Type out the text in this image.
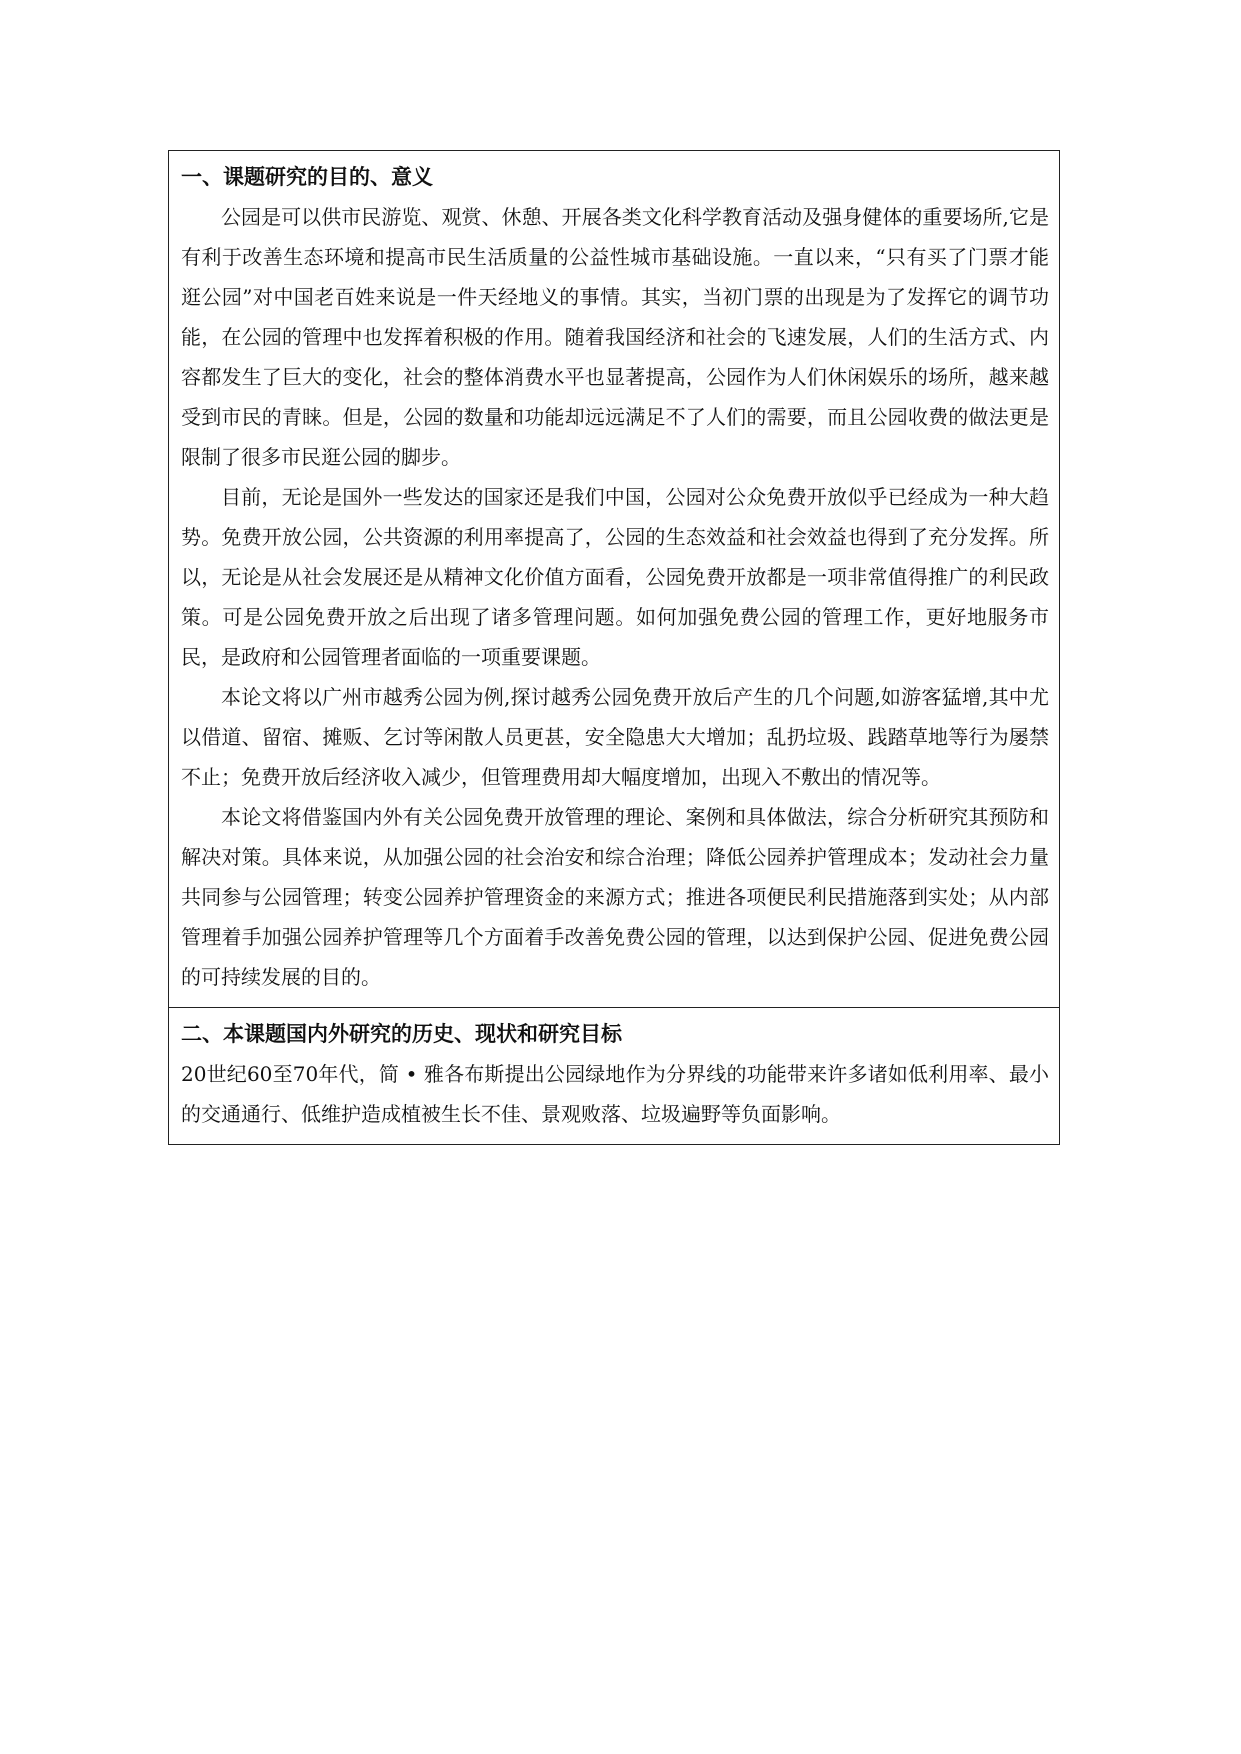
一、课题研究的目的、意义

公园是可以供市民游览、观赏、休憩、开展各类文化科学教育活动及强身健体的重要场所,它是有利于改善生态环境和提高市民生活质量的公益性城市基础设施。一直以来，“只有买了门票才能逛公园”对中国老百姓来说是一件天经地义的事情。其实，当初门票的出现是为了发挥它的调节功能，在公园的管理中也发挥着积极的作用。随着我国经济和社会的飞速发展，人们的生活方式、内容都发生了巨大的变化，社会的整体消费水平也显著提高，公园作为人们休闲娱乐的场所，越来越受到市民的青睐。但是，公园的数量和功能却远远满足不了人们的需要，而且公园收费的做法更是限制了很多市民逛公园的脚步。

目前，无论是国外一些发达的国家还是我们中国，公园对公众免费开放似乎已经成为一种大趋势。免费开放公园，公共资源的利用率提高了，公园的生态效益和社会效益也得到了充分发挥。所以，无论是从社会发展还是从精神文化价值方面看，公园免费开放都是一项非常值得推广的利民政策。可是公园免费开放之后出现了诸多管理问题。如何加强免费公园的管理工作，更好地服务市民，是政府和公园管理者面临的一项重要课题。

本论文将以广州市越秀公园为例,探讨越秀公园免费开放后产生的几个问题,如游客猛增,其中尤以借道、留宿、摊贩、乞讨等闲散人员更甚，安全隐患大大增加；乱扔垃圾、践踏草地等行为屡禁不止；免费开放后经济收入减少，但管理费用却大幅度增加，出现入不敷出的情况等。

本论文将借鉴国内外有关公园免费开放管理的理论、案例和具体做法，综合分析研究其预防和解决对策。具体来说，从加强公园的社会治安和综合治理；降低公园养护管理成本；发动社会力量共同参与公园管理；转变公园养护管理资金的来源方式；推进各项便民利民措施落到实处；从内部管理着手加强公园养护管理等几个方面着手改善免费公园的管理，以达到保护公园、促进免费公园的可持续发展的目的。

二、本课题国内外研究的历史、现状和研究目标

20世纪60至70年代，简 • 雅各布斯提出公园绿地作为分界线的功能带来许多诸如低利用率、最小的交通通行、低维护造成植被生长不佳、景观败落、垃圾遍野等负面影响。
